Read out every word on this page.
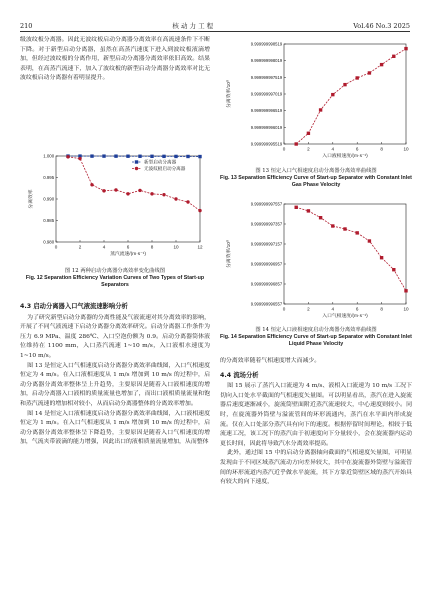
210	核 动 力 工 程	Vol.46 No.3 2025

级波纹板分离器。因此无波纹板启动分离器分离效率在高流速条件下不断下降。对于新型启动分离器，虽然在高蒸汽速度下进入到波纹板液滴增加，但经过波纹板的分离作用，新型启动分离器分离效率依旧高效。结果表明，在高蒸汽流速下，加入了波纹板的新型启动分离器分离效率对比无波纹板启动分离器有着明显提升。

0	2	4	6	8	10	12
0.980
0.985
0.990
0.995
1.000
蒸汽流速/(m·s⁻¹)
分离效率
新型启动分离器
无波纹板启动分离器
图 12 两种启动分离器分离效率变化曲线图
Fig. 12 Separation Efficiency Variation Curves of Two Types of Start-up Separators
4.3 启动分离器入口气液流速影响分析

为了研究新型启动分离器的分离性能及气液流速对其分离效率的影响，开展了不同气液流速下启动分离器分离效率研究。启动分离器工作条件为压力 6.9 MPa、温度 286℃、入口空泡份额为 0.9。启动分离器筒体液位维持在 1100 mm，入口蒸汽流速 1~10 m/s，入口液相水速度为 1~10 m/s。

图 13 是恒定入口气相速度启动分离器分离效率曲线图，入口气相速度恒定为 4 m/s。在入口液相速度从 1 m/s 增加到 10 m/s 的过程中，启动分离器分离效率整体呈上升趋势，主要原因是随着入口液相速度的增加，启动分离器入口液相的质量流量也增加了，而出口液相质量流量和饱和蒸汽流速的增加相对较小，从而启动分离器整体的分离效率增加。

图 14 是恒定入口液相速度启动分离器分离效率曲线图，入口液相速度恒定为 1 m/s。在入口气相速度从 1 m/s 增加到 10 m/s 的过程中，启动分离器分离效率整体呈下降趋势，主要原因是随着入口气相速度的增加，气流夹带液滴的能力增强，因此出口的液相质量流量增加，从而整体

0	2	4	6	8	10
9.999999995519
9.999999996019
9.999999996519
9.999999997019
9.999999997519
9.999999998019
9.999999998519
入口液相速度/(m·s⁻¹)
分离效率/10⁰
图 13 恒定入口气相速度启动分离器分离效率曲线图
Fig. 13 Separation Efficiency Curve of Start-up Separator with Constant Inlet Gas Phase Velocity
0	2	4	6	8	10
9.999999996557
9.999999996857
9.999999996957
9.999999997157
9.999999997357
9.999999997557
入口气相速度/(m·s⁻¹)
分离效率/10⁰
图 14 恒定入口液相速度启动分离器分离效率曲线图
Fig. 14 Separation Efficiency Curve of Start-up Separator with Constant Inlet Liquid Phase Velocity

的分离效率随着气相速度增大而减少。

4.4 流场分析

图 15 展示了蒸汽入口流速为 4 m/s、液相入口流速为 10 m/s 工况下切向入口处水平截面的气相速度矢量图。可以明显看出，蒸汽在进入旋流器后速度逐渐减小，旋流筒壁面附近蒸汽流速较大，中心速度则较小。同时，在旋流器外筒壁与溢流管间的环形流通内，蒸汽在水平面内形成旋流。仅在入口处部分蒸汽具有向下的速度。根据停留时间理论，相较于低流速工况，该工况下的蒸汽由于初速度向下分量较小，会在旋流器内运动更长时间，因此将导致汽水分离效率提高。

此外，通过图 15 中的启动分离器轴向截面的气相速度矢量图，可明显发现由于不同区域蒸汽流动方向差异较大，其中在旋流器外筒壁与溢流管间的环形流道内蒸汽近乎做水平旋流，其下方靠近筒壁区域的蒸汽开始具有较大的向下速度，
